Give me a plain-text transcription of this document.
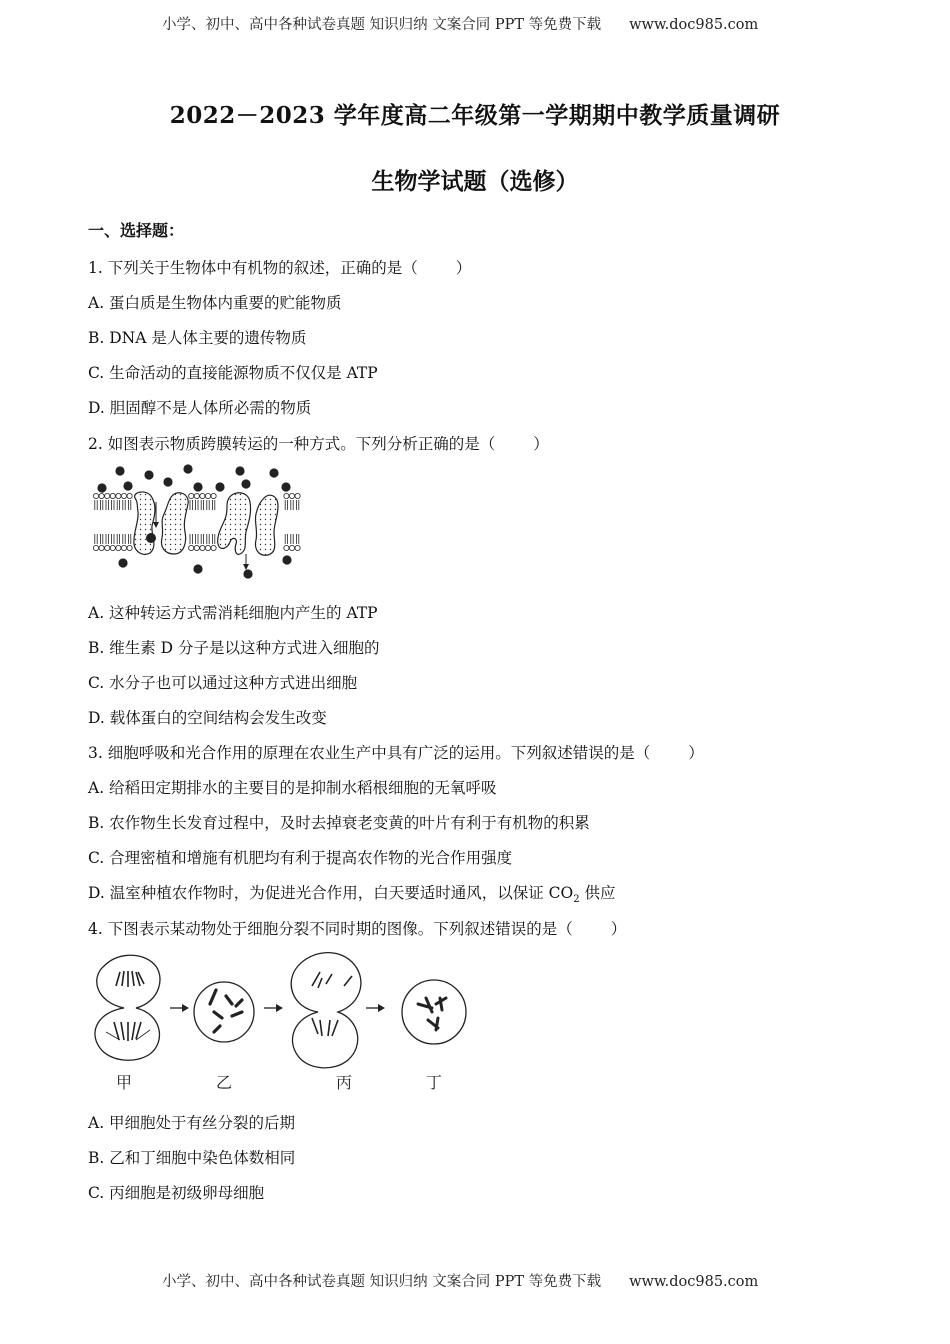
小学、初中、高中各种试卷真题 知识归纳 文案合同 PPT 等免费下载 www.doc985.com
2022－2023 学年度高二年级第一学期期中教学质量调研
生物学试题（选修）
一、选择题：
1. 下列关于生物体中有机物的叙述，正确的是（ ）
A. 蛋白质是生物体内重要的贮能物质
B. DNA 是人体主要的遗传物质
C. 生命活动的直接能源物质不仅仅是 ATP
D. 胆固醇不是人体所必需的物质
2. 如图表示物质跨膜转运的一种方式。下列分析正确的是（ ）
A. 这种转运方式需消耗细胞内产生的 ATP
B. 维生素 D 分子是以这种方式进入细胞的
C. 水分子也可以通过这种方式进出细胞
D. 载体蛋白的空间结构会发生改变
3. 细胞呼吸和光合作用的原理在农业生产中具有广泛的运用。下列叙述错误的是（ ）
A. 给稻田定期排水的主要目的是抑制水稻根细胞的无氧呼吸
B. 农作物生长发育过程中，及时去掉衰老变黄的叶片有利于有机物的积累
C. 合理密植和增施有机肥均有利于提高农作物的光合作用强度
D. 温室种植农作物时，为促进光合作用，白天要适时通风，以保证 $CO_2$ 供应
4. 下图表示某动物处于细胞分裂不同时期的图像。下列叙述错误的是（ ）
甲	乙	丙	丁
A. 甲细胞处于有丝分裂的后期
B. 乙和丁细胞中染色体数相同
C. 丙细胞是初级卵母细胞
小学、初中、高中各种试卷真题 知识归纳 文案合同 PPT 等免费下载 www.doc985.com
